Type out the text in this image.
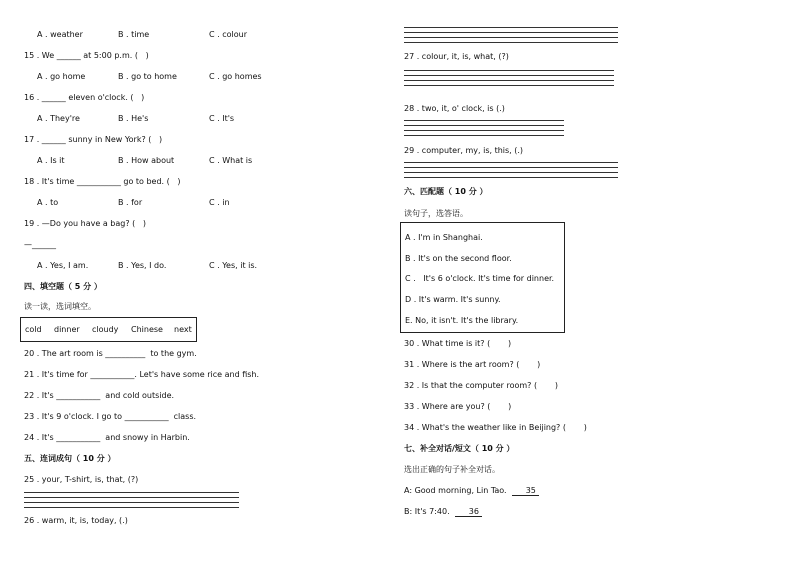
A . weather	B . time	C . colour
15 . We ______ at 5:00 p.m. (   )
A . go home	B . go to home	C . go homes
16 . ______ eleven o'clock. (   )
A . They're	B . He's	C . It's
17 . ______ sunny in New York? (   )
A . Is it	B . How about	C . What is
18 . It's time ___________ go to bed. (   )
A . to	B . for	C . in
19 . —Do you have a bag? (   )
—______
A . Yes, I am.	B . Yes, I do.	C . Yes, it is.
四、填空题（ 5 分 ）
读一读，选词填空。
cold dinner cloudy Chinese next
20 . The art room is __________  to the gym.
21 . It's time for ___________. Let's have some rice and fish.
22 . It's ___________  and cold outside.
23 . It's 9 o'clock. I go to ___________  class.
24 . It's ___________  and snowy in Harbin.
五、连词成句（ 10 分 ）
25 . your, T-shirt, is, that, (?)
26 . warm, it, is, today, (.)
27 . colour, it, is, what, (?)
28 . two, it, o' clock, is (.)
29 . computer, my, is, this, (.)
六、匹配题（ 10 分 ）
读句子，选答语。
A . I'm in Shanghai.
B . It's on the second floor.
C .   It's 6 o'clock. It's time for dinner.
D . It's warm. It's sunny.
E. No, it isn't. It's the library.
30 . What time is it? (       )
31 . Where is the art room? (       )
32 . Is that the computer room? (       )
33 . Where are you? (       )
34 . What's the weather like in Beijing? (       )
七、补全对话/短文（ 10 分 ）
选出正确的句子补全对话。
A: Good morning, Lin Tao. 35
B: It's 7:40. 36
